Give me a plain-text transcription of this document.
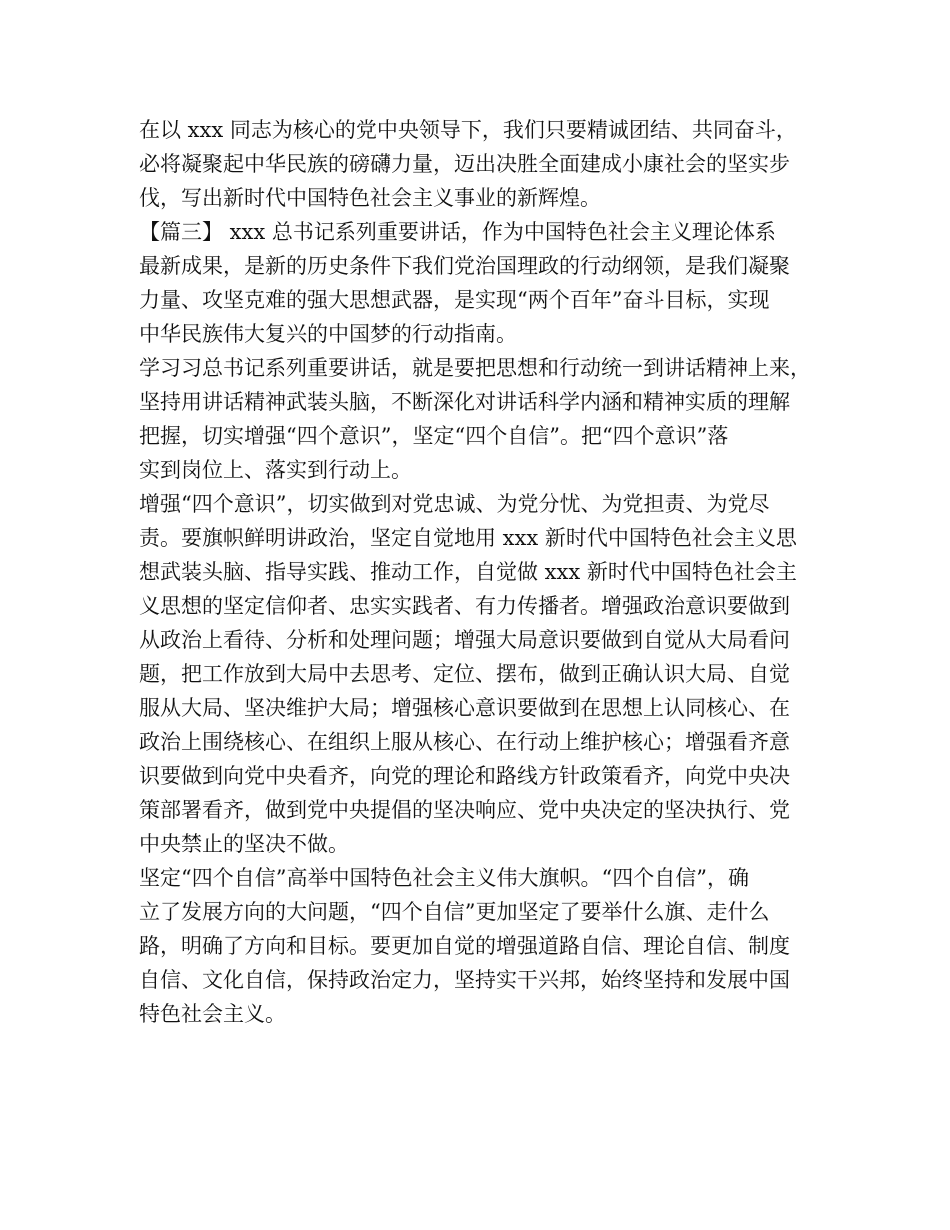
在以 xxx 同志为核心的党中央领导下，我们只要精诚团结、共同奋斗，
必将凝聚起中华民族的磅礴力量，迈出决胜全面建成小康社会的坚实步
伐，写出新时代中国特色社会主义事业的新辉煌。
【篇三】 xxx 总书记系列重要讲话，作为中国特色社会主义理论体系
最新成果，是新的历史条件下我们党治国理政的行动纲领，是我们凝聚
力量、攻坚克难的强大思想武器，是实现“两个百年”奋斗目标，实现
中华民族伟大复兴的中国梦的行动指南。
学习习总书记系列重要讲话，就是要把思想和行动统一到讲话精神上来，
坚持用讲话精神武装头脑，不断深化对讲话科学内涵和精神实质的理解
把握，切实增强“四个意识”，坚定“四个自信”。把“四个意识”落
实到岗位上、落实到行动上。
增强“四个意识”，切实做到对党忠诚、为党分忧、为党担责、为党尽
责。要旗帜鲜明讲政治，坚定自觉地用 xxx 新时代中国特色社会主义思
想武装头脑、指导实践、推动工作，自觉做 xxx 新时代中国特色社会主
义思想的坚定信仰者、忠实实践者、有力传播者。增强政治意识要做到
从政治上看待、分析和处理问题；增强大局意识要做到自觉从大局看问
题，把工作放到大局中去思考、定位、摆布，做到正确认识大局、自觉
服从大局、坚决维护大局；增强核心意识要做到在思想上认同核心、在
政治上围绕核心、在组织上服从核心、在行动上维护核心；增强看齐意
识要做到向党中央看齐，向党的理论和路线方针政策看齐，向党中央决
策部署看齐，做到党中央提倡的坚决响应、党中央决定的坚决执行、党
中央禁止的坚决不做。
坚定“四个自信”高举中国特色社会主义伟大旗帜。“四个自信”，确
立了发展方向的大问题，“四个自信”更加坚定了要举什么旗、走什么
路，明确了方向和目标。要更加自觉的增强道路自信、理论自信、制度
自信、文化自信，保持政治定力，坚持实干兴邦，始终坚持和发展中国
特色社会主义。
